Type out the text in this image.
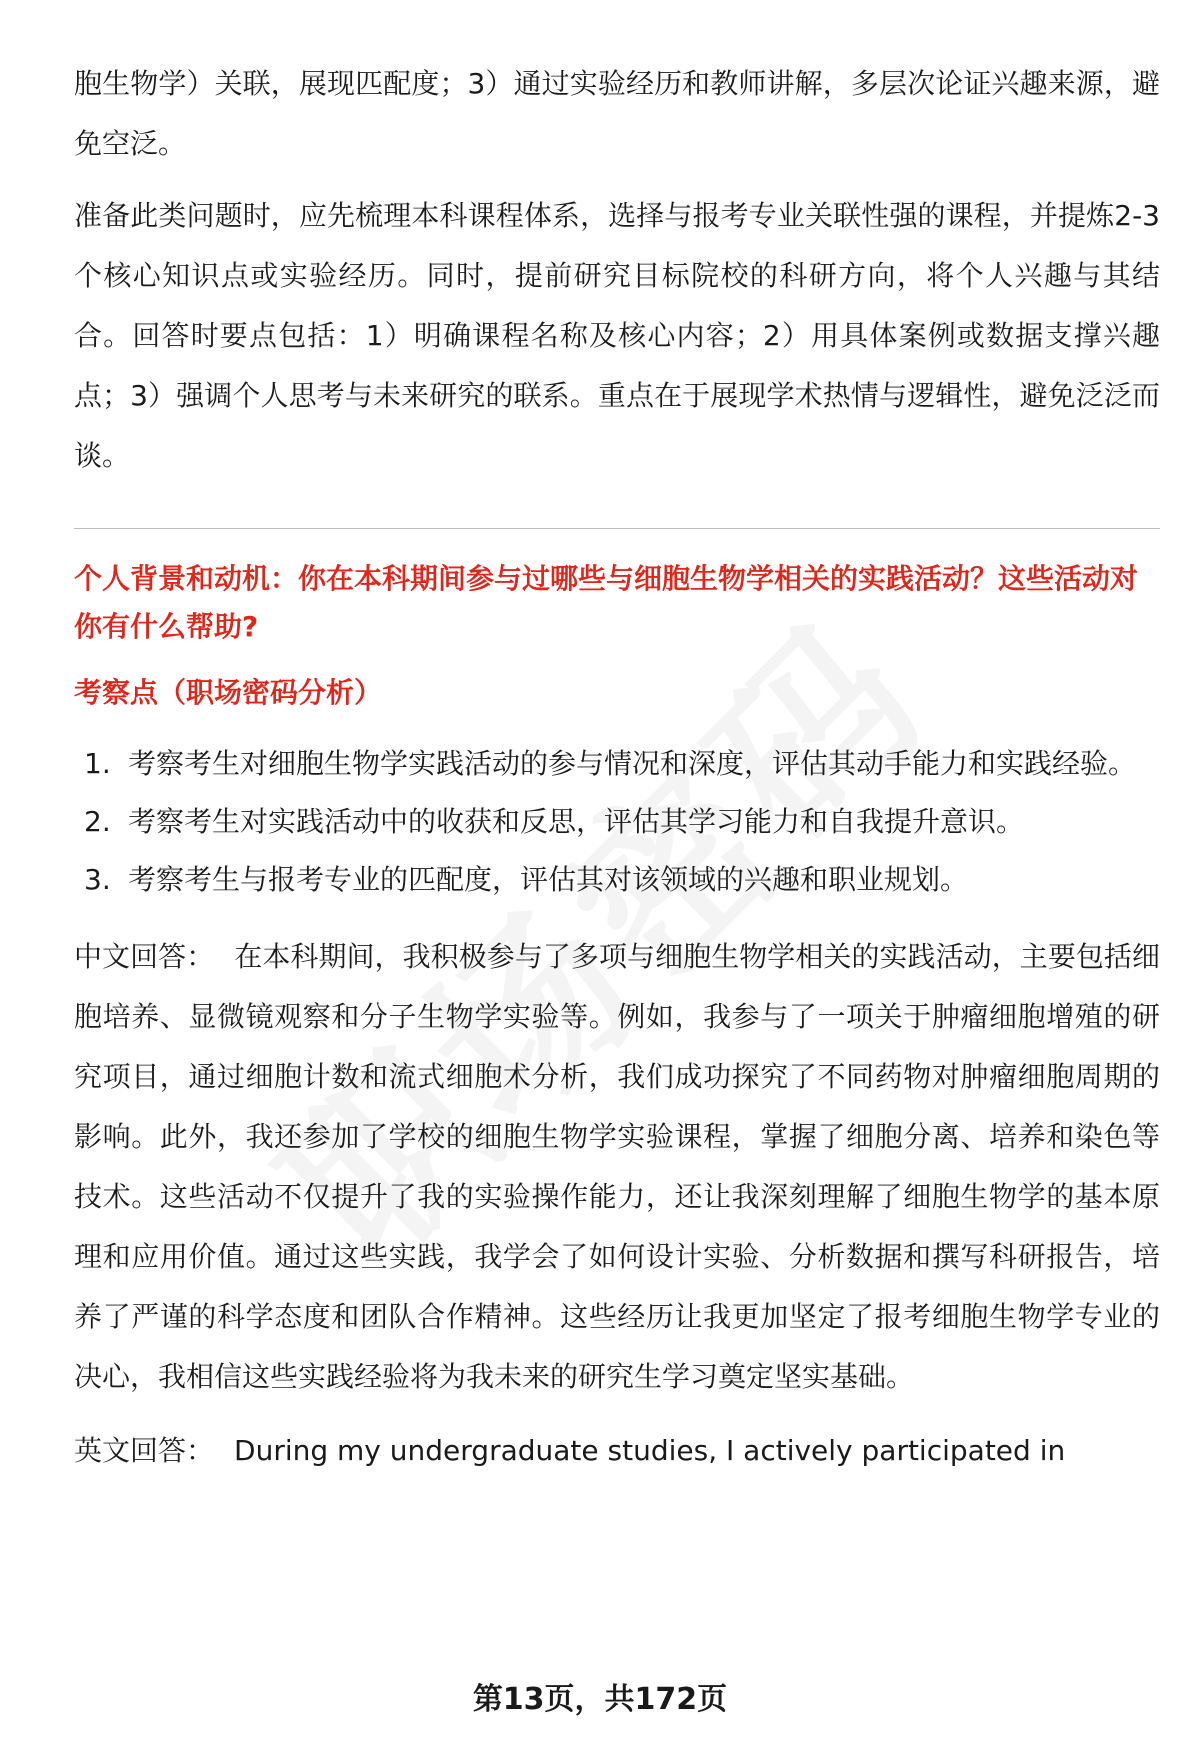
胞生物学）关联，展现匹配度；3）通过实验经历和教师讲解，多层次论证兴趣来源，避免空泛。

准备此类问题时，应先梳理本科课程体系，选择与报考专业关联性强的课程，并提炼2-3个核心知识点或实验经历。同时，提前研究目标院校的科研方向，将个人兴趣与其结合。回答时要点包括：1）明确课程名称及核心内容；2）用具体案例或数据支撑兴趣点；3）强调个人思考与未来研究的联系。重点在于展现学术热情与逻辑性，避免泛泛而谈。

个人背景和动机：你在本科期间参与过哪些与细胞生物学相关的实践活动？这些活动对你有什么帮助?

考察点（职场密码分析）

1. 考察考生对细胞生物学实践活动的参与情况和深度，评估其动手能力和实践经验。
2. 考察考生对实践活动中的收获和反思，评估其学习能力和自我提升意识。
3. 考察考生与报考专业的匹配度，评估其对该领域的兴趣和职业规划。

中文回答： 在本科期间，我积极参与了多项与细胞生物学相关的实践活动，主要包括细胞培养、显微镜观察和分子生物学实验等。例如，我参与了一项关于肿瘤细胞增殖的研究项目，通过细胞计数和流式细胞术分析，我们成功探究了不同药物对肿瘤细胞周期的影响。此外，我还参加了学校的细胞生物学实验课程，掌握了细胞分离、培养和染色等技术。这些活动不仅提升了我的实验操作能力，还让我深刻理解了细胞生物学的基本原理和应用价值。通过这些实践，我学会了如何设计实验、分析数据和撰写科研报告，培养了严谨的科学态度和团队合作精神。这些经历让我更加坚定了报考细胞生物学专业的决心，我相信这些实践经验将为我未来的研究生学习奠定坚实基础。

英文回答： During my undergraduate studies, I actively participated in

第13页，共172页
